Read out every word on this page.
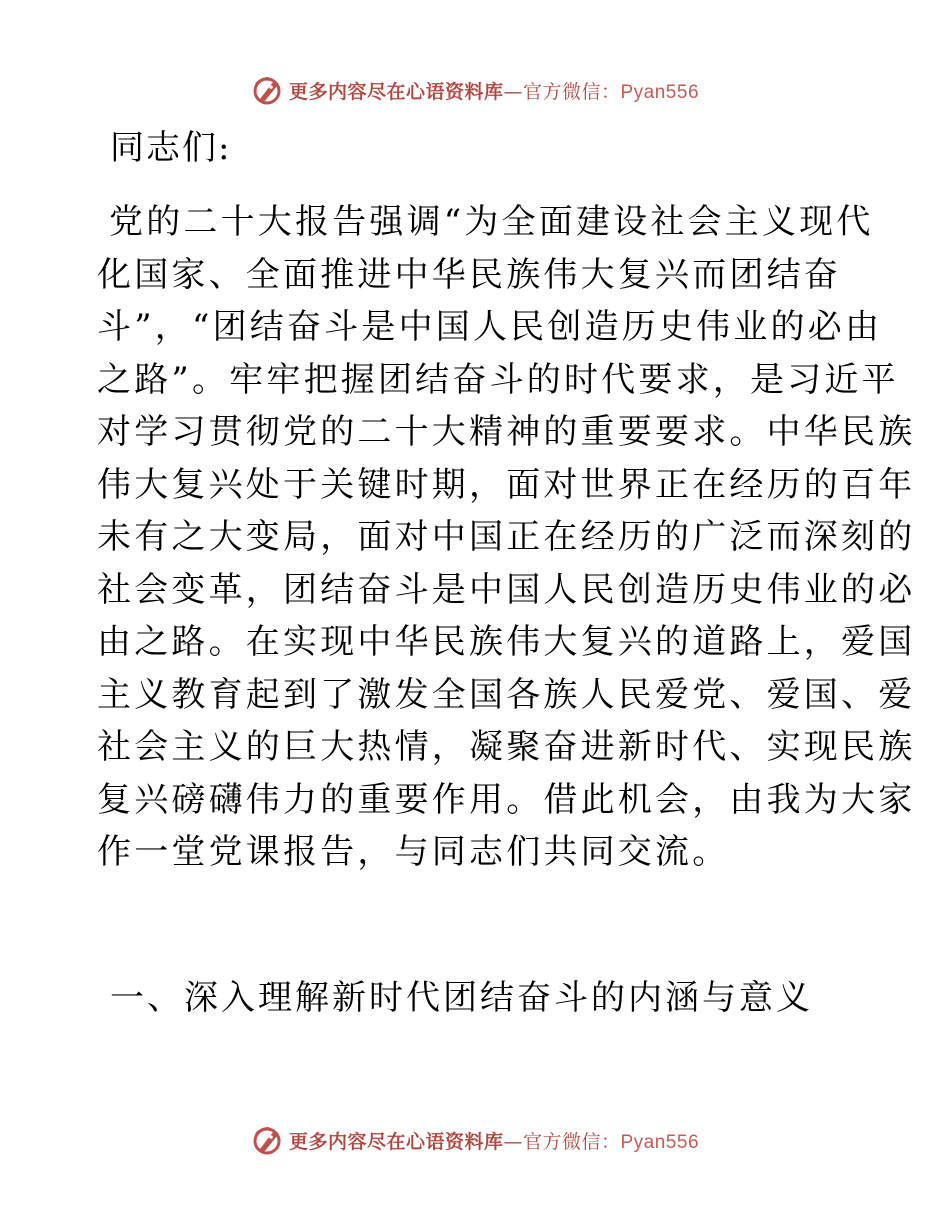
更多内容尽在心语资料库—官方微信：Pyan556
同志们:
党的二十大报告强调“为全面建设社会主义现代
化国家、全面推进中华民族伟大复兴而团结奋
斗”，“团结奋斗是中国人民创造历史伟业的必由
之路”。牢牢把握团结奋斗的时代要求，是习近平
对学习贯彻党的二十大精神的重要要求。中华民族
伟大复兴处于关键时期，面对世界正在经历的百年
未有之大变局，面对中国正在经历的广泛而深刻的
社会变革，团结奋斗是中国人民创造历史伟业的必
由之路。在实现中华民族伟大复兴的道路上，爱国
主义教育起到了激发全国各族人民爱党、爱国、爱
社会主义的巨大热情，凝聚奋进新时代、实现民族
复兴磅礴伟力的重要作用。借此机会，由我为大家
作一堂党课报告，与同志们共同交流。
一、深入理解新时代团结奋斗的内涵与意义
更多内容尽在心语资料库—官方微信：Pyan556
